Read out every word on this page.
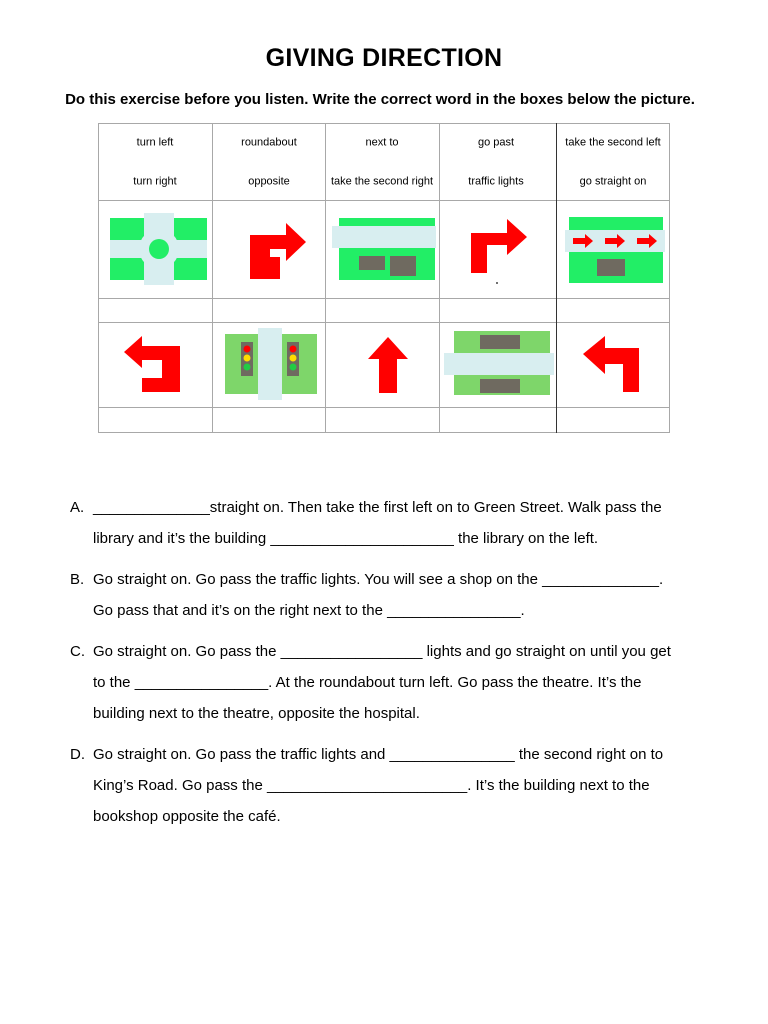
GIVING DIRECTION
Do this exercise before you listen. Write the correct word in the boxes below the picture.
turn left	roundabout	next to	go past	take the second left
turn right	opposite	take the second right	traffic lights	go straight on
A. ______________straight on. Then take the first left on to Green Street. Walk pass the
library and it’s the building ______________________ the library on the left.
B. Go straight on. Go pass the traffic lights. You will see a shop on the ______________.
Go pass that and it’s on the right next to the ________________.
C. Go straight on. Go pass the _________________ lights and go straight on until you get
to the ________________. At the roundabout turn left. Go pass the theatre. It’s the
building next to the theatre, opposite the hospital.
D. Go straight on. Go pass the traffic lights and _______________ the second right on to
King’s Road. Go pass the ________________________. It’s the building next to the
bookshop opposite the café.
